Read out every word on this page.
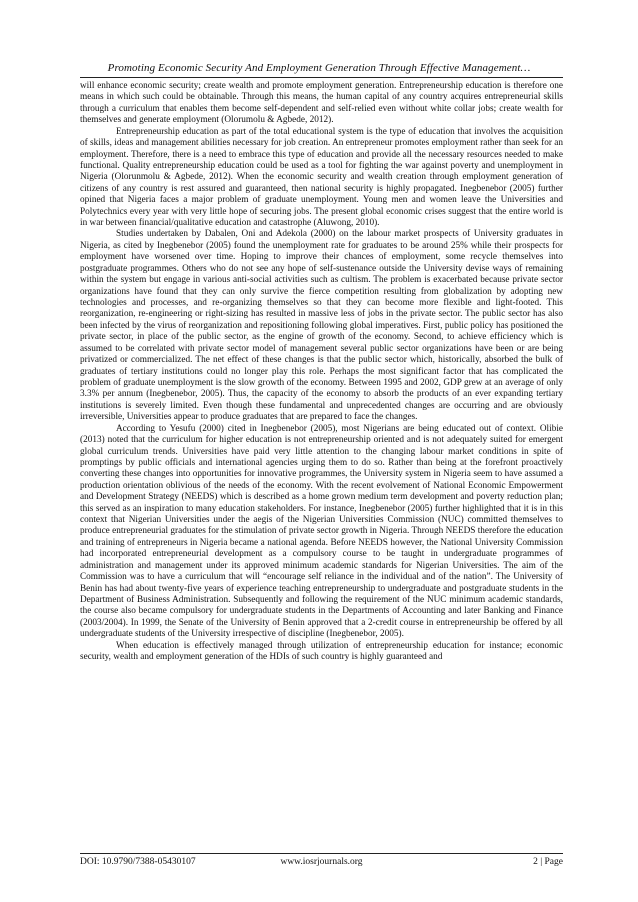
Promoting Economic Security And Employment Generation Through Effective Management…

will enhance economic security; create wealth and promote employment generation. Entrepreneurship education is therefore one means in which such could be obtainable. Through this means, the human capital of any country acquires entrepreneurial skills through a curriculum that enables them become self-dependent and self-relied even without white collar jobs; create wealth for themselves and generate employment (Olorumolu & Agbede, 2012).

Entrepreneurship education as part of the total educational system is the type of education that involves the acquisition of skills, ideas and management abilities necessary for job creation. An entrepreneur promotes employment rather than seek for an employment. Therefore, there is a need to embrace this type of education and provide all the necessary resources needed to make functional. Quality entrepreneurship education could be used as a tool for fighting the war against poverty and unemployment in Nigeria (Olorunmolu & Agbede, 2012). When the economic security and wealth creation through employment generation of citizens of any country is rest assured and guaranteed, then national security is highly propagated. Inegbenebor (2005) further opined that Nigeria faces a major problem of graduate unemployment. Young men and women leave the Universities and Polytechnics every year with very little hope of securing jobs. The present global economic crises suggest that the entire world is in war between financial/qualitative education and catastrophe (Aluwong, 2010).

Studies undertaken by Dabalen, Oni and Adekola (2000) on the labour market prospects of University graduates in Nigeria, as cited by Inegbenebor (2005) found the unemployment rate for graduates to be around 25% while their prospects for employment have worsened over time. Hoping to improve their chances of employment, some recycle themselves into postgraduate programmes. Others who do not see any hope of self-sustenance outside the University devise ways of remaining within the system but engage in various anti-social activities such as cultism. The problem is exacerbated because private sector organizations have found that they can only survive the fierce competition resulting from globalization by adopting new technologies and processes, and re-organizing themselves so that they can become more flexible and light-footed. This reorganization, re-engineering or right-sizing has resulted in massive less of jobs in the private sector. The public sector has also been infected by the virus of reorganization and repositioning following global imperatives. First, public policy has positioned the private sector, in place of the public sector, as the engine of growth of the economy. Second, to achieve efficiency which is assumed to be correlated with private sector model of management several public sector organizations have been or are being privatized or commercialized. The net effect of these changes is that the public sector which, historically, absorbed the bulk of graduates of tertiary institutions could no longer play this role. Perhaps the most significant factor that has complicated the problem of graduate unemployment is the slow growth of the economy. Between 1995 and 2002, GDP grew at an average of only 3.3% per annum (Inegbenebor, 2005). Thus, the capacity of the economy to absorb the products of an ever expanding tertiary institutions is severely limited. Even though these fundamental and unprecedented changes are occurring and are obviously irreversible, Universities appear to produce graduates that are prepared to face the changes.

According to Yesufu (2000) cited in Inegbenebor (2005), most Nigerians are being educated out of context. Olibie (2013) noted that the curriculum for higher education is not entrepreneurship oriented and is not adequately suited for emergent global curriculum trends. Universities have paid very little attention to the changing labour market conditions in spite of promptings by public officials and international agencies urging them to do so. Rather than being at the forefront proactively converting these changes into opportunities for innovative programmes, the University system in Nigeria seem to have assumed a production orientation oblivious of the needs of the economy. With the recent evolvement of National Economic Empowerment and Development Strategy (NEEDS) which is described as a home grown medium term development and poverty reduction plan; this served as an inspiration to many education stakeholders. For instance, Inegbenebor (2005) further highlighted that it is in this context that Nigerian Universities under the aegis of the Nigerian Universities Commission (NUC) committed themselves to produce entrepreneurial graduates for the stimulation of private sector growth in Nigeria. Through NEEDS therefore the education and training of entrepreneurs in Nigeria became a national agenda. Before NEEDS however, the National University Commission had incorporated entrepreneurial development as a compulsory course to be taught in undergraduate programmes of administration and management under its approved minimum academic standards for Nigerian Universities. The aim of the Commission was to have a curriculum that will “encourage self reliance in the individual and of the nation”. The University of Benin has had about twenty-five years of experience teaching entrepreneurship to undergraduate and postgraduate students in the Department of Business Administration. Subsequently and following the requirement of the NUC minimum academic standards, the course also became compulsory for undergraduate students in the Departments of Accounting and later Banking and Finance (2003/2004). In 1999, the Senate of the University of Benin approved that a 2-credit course in entrepreneurship be offered by all undergraduate students of the University irrespective of discipline (Inegbenebor, 2005).

When education is effectively managed through utilization of entrepreneurship education for instance; economic security, wealth and employment generation of the HDIs of such country is highly guaranteed and

DOI: 10.9790/7388-05430107	www.iosrjournals.org	2 | Page
